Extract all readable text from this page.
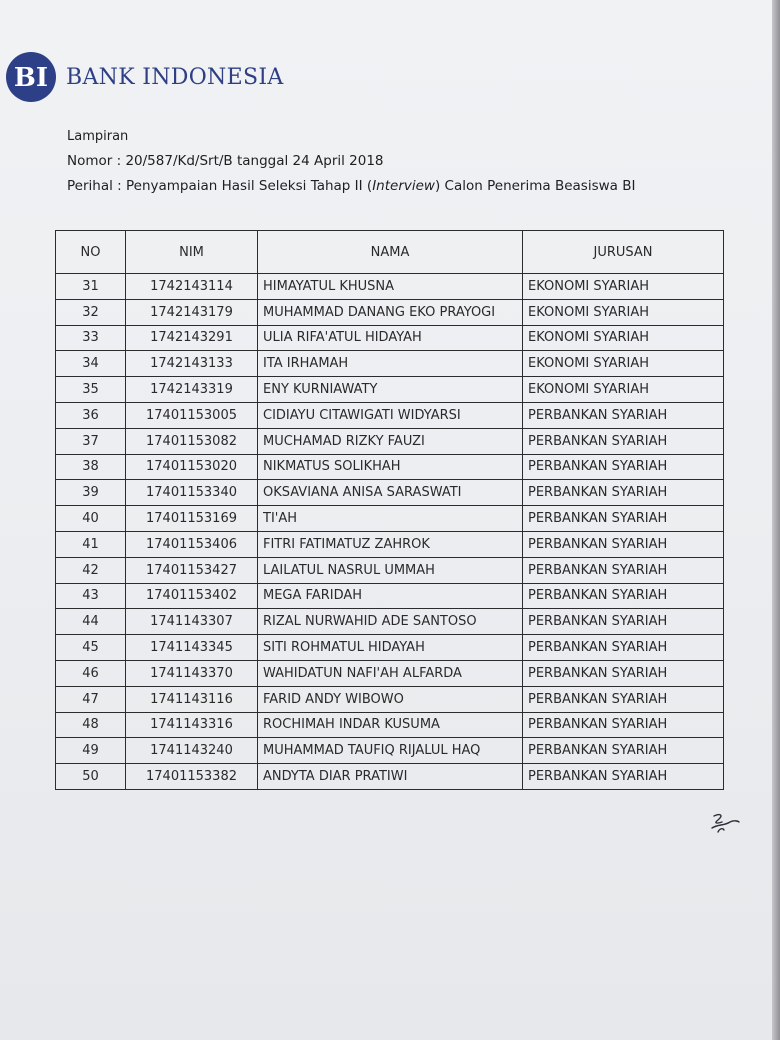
BI BANK INDONESIA
Lampiran
Nomor : 20/587/Kd/Srt/B tanggal 24 April 2018
Perihal : Penyampaian Hasil Seleksi Tahap II (Interview) Calon Penerima Beasiswa BI
NO	NIM	NAMA	JURUSAN
31	1742143114	HIMAYATUL KHUSNA	EKONOMI SYARIAH
32	1742143179	MUHAMMAD DANANG EKO PRAYOGI	EKONOMI SYARIAH
33	1742143291	ULIA RIFA'ATUL HIDAYAH	EKONOMI SYARIAH
34	1742143133	ITA IRHAMAH	EKONOMI SYARIAH
35	1742143319	ENY KURNIAWATY	EKONOMI SYARIAH
36	17401153005	CIDIAYU CITAWIGATI WIDYARSI	PERBANKAN SYARIAH
37	17401153082	MUCHAMAD RIZKY FAUZI	PERBANKAN SYARIAH
38	17401153020	NIKMATUS SOLIKHAH	PERBANKAN SYARIAH
39	17401153340	OKSAVIANA ANISA SARASWATI	PERBANKAN SYARIAH
40	17401153169	TI'AH	PERBANKAN SYARIAH
41	17401153406	FITRI FATIMATUZ ZAHROK	PERBANKAN SYARIAH
42	17401153427	LAILATUL NASRUL UMMAH	PERBANKAN SYARIAH
43	17401153402	MEGA FARIDAH	PERBANKAN SYARIAH
44	1741143307	RIZAL NURWAHID ADE SANTOSO	PERBANKAN SYARIAH
45	1741143345	SITI ROHMATUL HIDAYAH	PERBANKAN SYARIAH
46	1741143370	WAHIDATUN NAFI'AH ALFARDA	PERBANKAN SYARIAH
47	1741143116	FARID ANDY WIBOWO	PERBANKAN SYARIAH
48	1741143316	ROCHIMAH INDAR KUSUMA	PERBANKAN SYARIAH
49	1741143240	MUHAMMAD TAUFIQ RIJALUL HAQ	PERBANKAN SYARIAH
50	17401153382	ANDYTA DIAR PRATIWI	PERBANKAN SYARIAH
